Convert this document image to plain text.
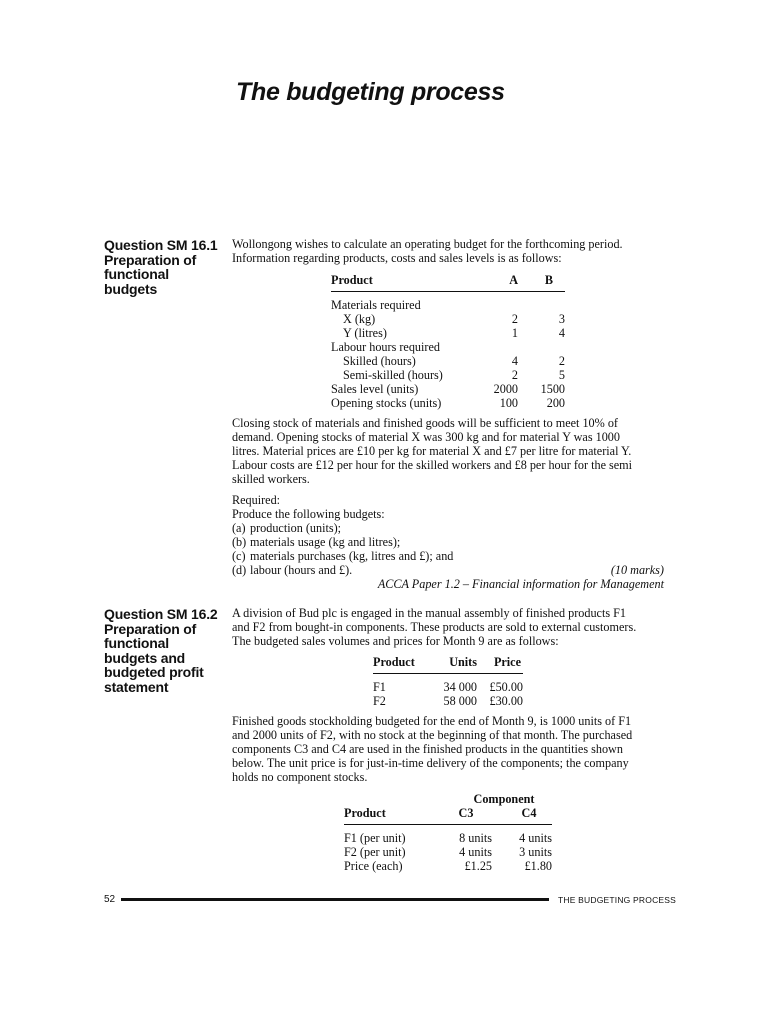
The budgeting process
Question SM 16.1
Preparation of
functional
budgets
Wollongong wishes to calculate an operating budget for the forthcoming period.
Information regarding products, costs and sales levels is as follows:
Product	A	B

Materials required		
X (kg)	2	3
Y (litres)	1	4
Labour hours required		
Skilled (hours)	4	2
Semi-skilled (hours)	2	5
Sales level (units)	2000	1500
Opening stocks (units)	100	200
Closing stock of materials and finished goods will be sufficient to meet 10% of
demand. Opening stocks of material X was 300 kg and for material Y was 1000
litres. Material prices are £10 per kg for material X and £7 per litre for material Y.
Labour costs are £12 per hour for the skilled workers and £8 per hour for the semi
skilled workers.
Required:
Produce the following budgets:
(a) production (units);
(b) materials usage (kg and litres);
(c) materials purchases (kg, litres and £); and
(d) labour (hours and £).	(10 marks)
ACCA Paper 1.2 – Financial information for Management
Question SM 16.2
Preparation of
functional
budgets and
budgeted profit
statement
A division of Bud plc is engaged in the manual assembly of finished products F1
and F2 from bought-in components. These products are sold to external customers.
The budgeted sales volumes and prices for Month 9 are as follows:
Product	Units	Price

F1	34 000	£50.00
F2	58 000	£30.00
Finished goods stockholding budgeted for the end of Month 9, is 1000 units of F1
and 2000 units of F2, with no stock at the beginning of that month. The purchased
components C3 and C4 are used in the finished products in the quantities shown
below. The unit price is for just-in-time delivery of the components; the company
holds no component stocks.
	Component	
Product	C3	C4

F1 (per unit)	8 units	4 units
F2 (per unit)	4 units	3 units
Price (each)	£1.25	£1.80
52	THE BUDGETING PROCESS
